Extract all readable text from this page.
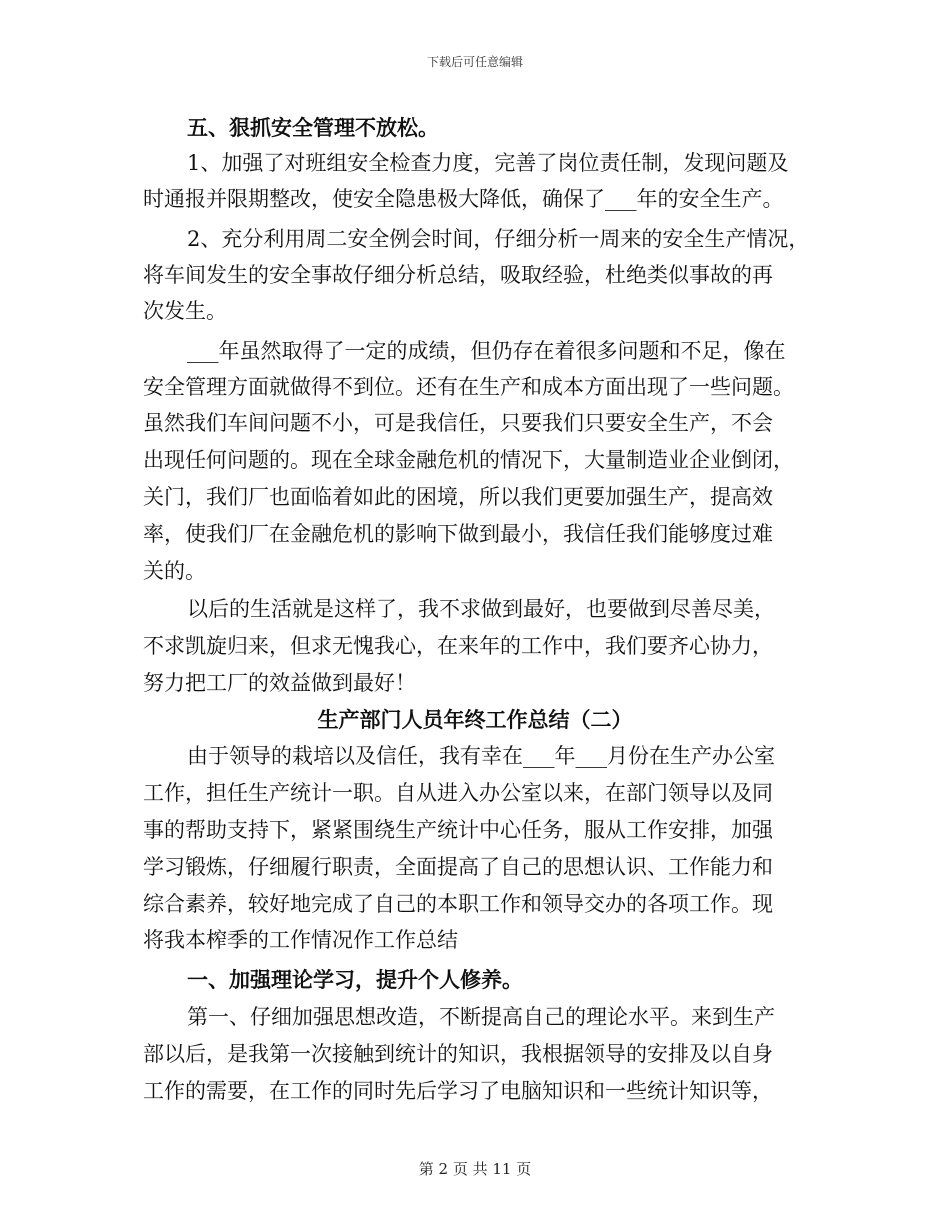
下载后可任意编辑
五、狠抓安全管理不放松。
1、加强了对班组安全检查力度，完善了岗位责任制，发现问题及
时通报并限期整改，使安全隐患极大降低，确保了___年的安全生产。
2、充分利用周二安全例会时间，仔细分析一周来的安全生产情况，
将车间发生的安全事故仔细分析总结，吸取经验，杜绝类似事故的再
次发生。
___年虽然取得了一定的成绩，但仍存在着很多问题和不足，像在
安全管理方面就做得不到位。还有在生产和成本方面出现了一些问题。
虽然我们车间问题不小，可是我信任，只要我们只要安全生产，不会
出现任何问题的。现在全球金融危机的情况下，大量制造业企业倒闭，
关门，我们厂也面临着如此的困境，所以我们更要加强生产，提高效
率，使我们厂在金融危机的影响下做到最小，我信任我们能够度过难
关的。
以后的生活就是这样了，我不求做到最好，也要做到尽善尽美，
不求凯旋归来，但求无愧我心，在来年的工作中，我们要齐心协力，
努力把工厂的效益做到最好！
生产部门人员年终工作总结（二）
由于领导的栽培以及信任，我有幸在___年___月份在生产办公室
工作，担任生产统计一职。自从进入办公室以来，在部门领导以及同
事的帮助支持下，紧紧围绕生产统计中心任务，服从工作安排，加强
学习锻炼，仔细履行职责，全面提高了自己的思想认识、工作能力和
综合素养，较好地完成了自己的本职工作和领导交办的各项工作。现
将我本榨季的工作情况作工作总结
一、加强理论学习，提升个人修养。
第一、仔细加强思想改造，不断提高自己的理论水平。来到生产
部以后，是我第一次接触到统计的知识，我根据领导的安排及以自身
工作的需要，在工作的同时先后学习了电脑知识和一些统计知识等，
第 2 页 共 11 页
